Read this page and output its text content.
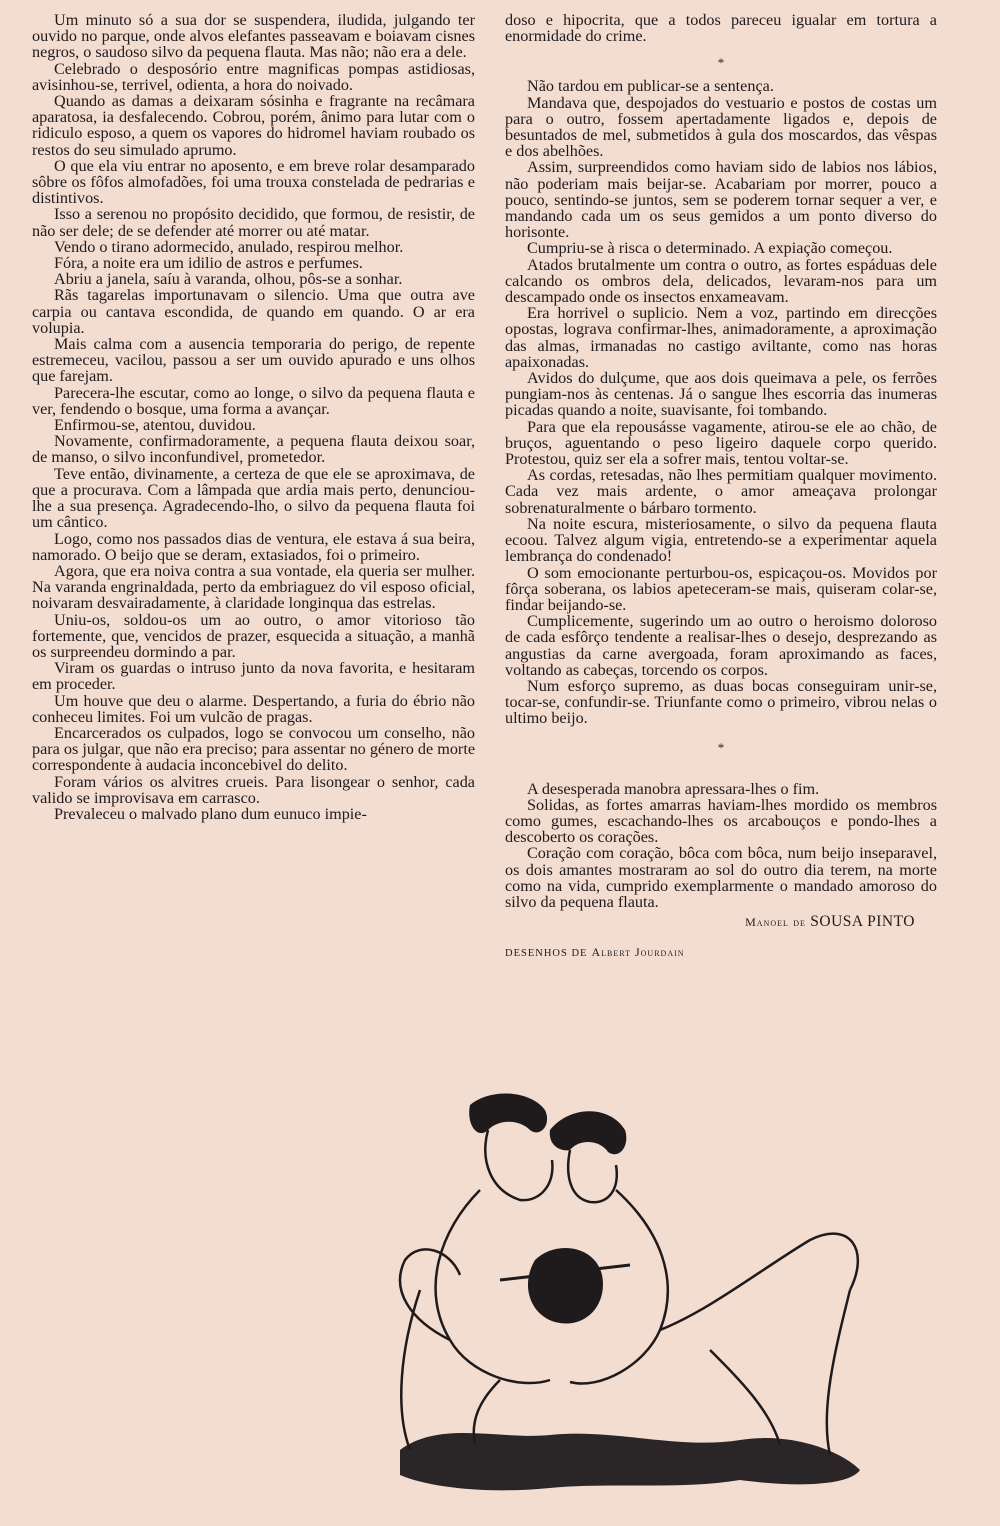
Um minuto só a sua dor se suspendera, iludida, julgando ter ouvido no parque, onde alvos elefantes passeavam e boiavam cisnes negros, o saudoso silvo da pequena flauta. Mas não; não era a dele.

Celebrado o desposório entre magnificas pompas astidiosas, avisinhou-se, terrivel, odienta, a hora do noivado.

Quando as damas a deixaram sósinha e fragrante na recâmara aparatosa, ia desfalecendo. Cobrou, porém, ânimo para lutar com o ridiculo esposo, a quem os vapores do hidromel haviam roubado os restos do seu simulado aprumo.

O que ela viu entrar no aposento, e em breve rolar desamparado sôbre os fôfos almofadões, foi uma trouxa constelada de pedrarias e distintivos.

Isso a serenou no propósito decidido, que formou, de resistir, de não ser dele; de se defender até morrer ou até matar.

Vendo o tirano adormecido, anulado, respirou melhor.

Fóra, a noite era um idilio de astros e perfumes.

Abriu a janela, saíu à varanda, olhou, pôs-se a sonhar.

Rãs tagarelas importunavam o silencio. Uma que outra ave carpia ou cantava escondida, de quando em quando. O ar era volupia.

Mais calma com a ausencia temporaria do perigo, de repente estremeceu, vacilou, passou a ser um ouvido apurado e uns olhos que farejam.

Parecera-lhe escutar, como ao longe, o silvo da pequena flauta e ver, fendendo o bosque, uma forma a avançar.

Enfirmou-se, atentou, duvidou.

Novamente, confirmadoramente, a pequena flauta deixou soar, de manso, o silvo inconfundivel, prometedor.

Teve então, divinamente, a certeza de que ele se aproximava, de que a procurava. Com a lâmpada que ardia mais perto, denunciou-lhe a sua presença. Agradecendo-lho, o silvo da pequena flauta foi um cântico.

Logo, como nos passados dias de ventura, ele estava á sua beira, namorado. O beijo que se deram, extasiados, foi o primeiro.

Agora, que era noiva contra a sua vontade, ela queria ser mulher. Na varanda engrinaldada, perto da embriaguez do vil esposo oficial, noivaram desvairadamente, à claridade longinqua das estrelas.

Uniu-os, soldou-os um ao outro, o amor vitorioso tão fortemente, que, vencidos de prazer, esquecida a situação, a manhã os surpreendeu dormindo a par.

Viram os guardas o intruso junto da nova favorita, e hesitaram em proceder.

Um houve que deu o alarme. Despertando, a furia do ébrio não conheceu limites. Foi um vulcão de pragas.

Encarcerados os culpados, logo se convocou um conselho, não para os julgar, que não era preciso; para assentar no género de morte correspondente à audacia inconcebivel do delito.

Foram vários os alvitres crueis. Para lisongear o senhor, cada valido se improvisava em carrasco.

Prevaleceu o malvado plano dum eunuco impie-

doso e hipocrita, que a todos pareceu igualar em tortura a enormidade do crime.

*

Não tardou em publicar-se a sentença.

Mandava que, despojados do vestuario e postos de costas um para o outro, fossem apertadamente ligados e, depois de besuntados de mel, submetidos à gula dos moscardos, das vêspas e dos abelhões.

Assim, surpreendidos como haviam sido de labios nos lábios, não poderiam mais beijar-se. Acabariam por morrer, pouco a pouco, sentindo-se juntos, sem se poderem tornar sequer a ver, e mandando cada um os seus gemidos a um ponto diverso do horisonte.

Cumpriu-se à risca o determinado. A expiação começou.

Atados brutalmente um contra o outro, as fortes espáduas dele calcando os ombros dela, delicados, levaram-nos para um descampado onde os insectos enxameavam.

Era horrivel o suplicio. Nem a voz, partindo em direcções opostas, lograva confirmar-lhes, animadoramente, a aproximação das almas, irmanadas no castigo aviltante, como nas horas apaixonadas.

Avidos do dulçume, que aos dois queimava a pele, os ferrões pungiam-nos às centenas. Já o sangue lhes escorria das inumeras picadas quando a noite, suavisante, foi tombando.

Para que ela repousásse vagamente, atirou-se ele ao chão, de bruços, aguentando o peso ligeiro daquele corpo querido. Protestou, quiz ser ela a sofrer mais, tentou voltar-se.

As cordas, retesadas, não lhes permitiam qualquer movimento. Cada vez mais ardente, o amor ameaçava prolongar sobrenaturalmente o bárbaro tormento.

Na noite escura, misteriosamente, o silvo da pequena flauta ecoou. Talvez algum vigia, entretendo-se a experimentar aquela lembrança do condenado!

O som emocionante perturbou-os, espicaçou-os. Movidos por fôrça soberana, os labios apeteceram-se mais, quiseram colar-se, findar beijando-se.

Cumplicemente, sugerindo um ao outro o heroismo doloroso de cada esfôrço tendente a realisar-lhes o desejo, desprezando as angustias da carne avergoada, foram aproximando as faces, voltando as cabeças, torcendo os corpos.

Num esforço supremo, as duas bocas conseguiram unir-se, tocar-se, confundir-se. Triunfante como o primeiro, vibrou nelas o ultimo beijo.

*

A desesperada manobra apressara-lhes o fim.

Solidas, as fortes amarras haviam-lhes mordido os membros como gumes, escachando-lhes os arcabouços e pondo-lhes a descoberto os corações.

Coração com coração, bôca com bôca, num beijo inseparavel, os dois amantes mostraram ao sol do outro dia terem, na morte como na vida, cumprido exemplarmente o mandado amoroso do silvo da pequena flauta.

Manoel de SOUSA PINTO
DESENHOS DE Albert Jourdain
